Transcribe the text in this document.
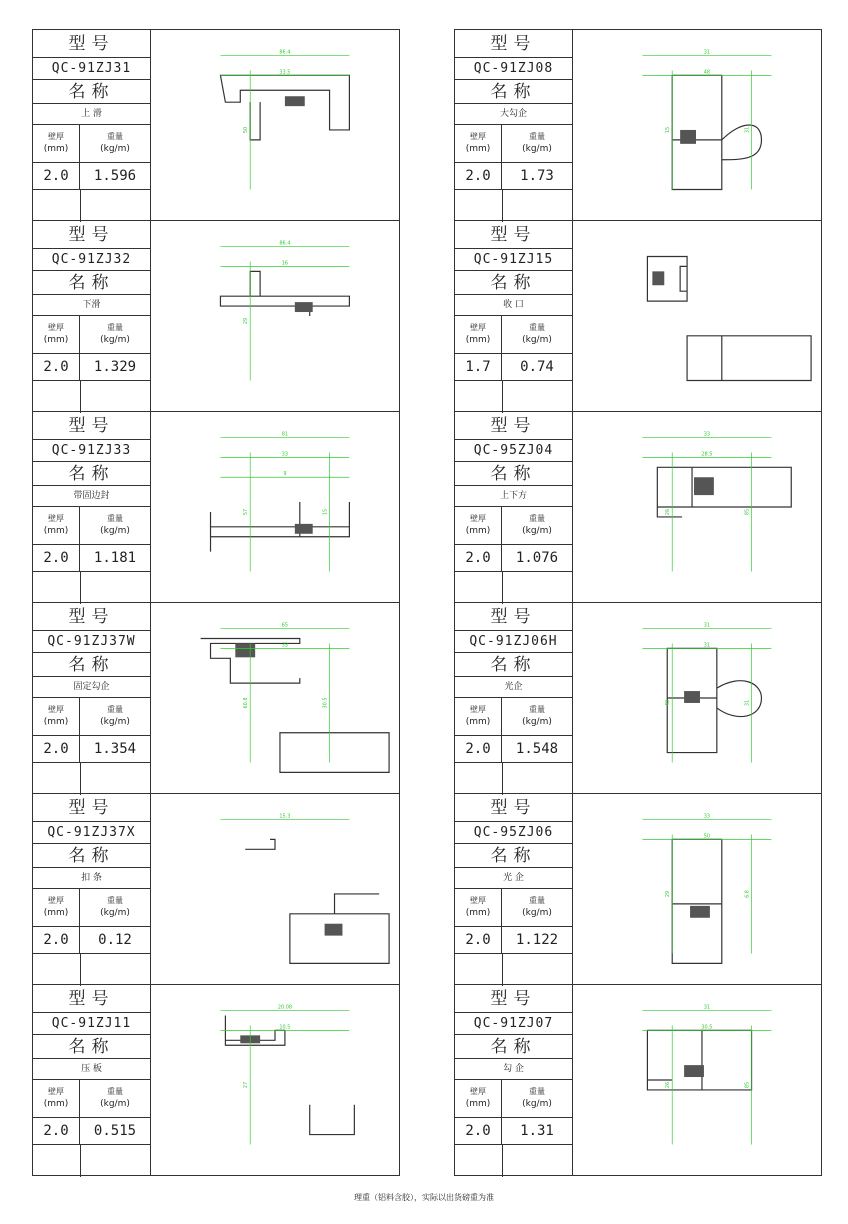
型号
QC-91ZJ31
名称
上 滑
壁厚
(mm)
重量
(kg/m)
2.0	1.596
86.4
50
33.5
型号
QC-91ZJ32
名称
下滑
壁厚
(mm)
重量
(kg/m)
2.0	1.329
86.4
29
16
型号
QC-91ZJ33
名称
带固边封
壁厚
(mm)
重量
(kg/m)
2.0	1.181
81
57
33
15
9
型号
QC-91ZJ37W
名称
固定勾企
壁厚
(mm)
重量
(kg/m)
2.0	1.354
65
60.8
33
30.5
型号
QC-91ZJ37X
名称
扣 条
壁厚
(mm)
重量
(kg/m)
2.0	0.12
15.3
型号
QC-91ZJ11
名称
压 板
壁厚
(mm)
重量
(kg/m)
2.0	0.515
20.08
27
10.5
型号
QC-91ZJ08
名称
大勾企
壁厚
(mm)
重量
(kg/m)
2.0	1.73
31
15
48
31
型号
QC-91ZJ15
名称
收 口
壁厚
(mm)
重量
(kg/m)
1.7	0.74
型号
QC-95ZJ04
名称
上下方
壁厚
(mm)
重量
(kg/m)
2.0	1.076
33
26
28.5
85
型号
QC-91ZJ06H
名称
光企
壁厚
(mm)
重量
(kg/m)
2.0	1.548
31
48
31
31
型号
QC-95ZJ06
名称
光 企
壁厚
(mm)
重量
(kg/m)
2.0	1.122
33
29
50
6.8
型号
QC-91ZJ07
名称
勾 企
壁厚
(mm)
重量
(kg/m)
2.0	1.31
31
26
30.5
85
理重（铝料含胶），实际以出货磅重为准
